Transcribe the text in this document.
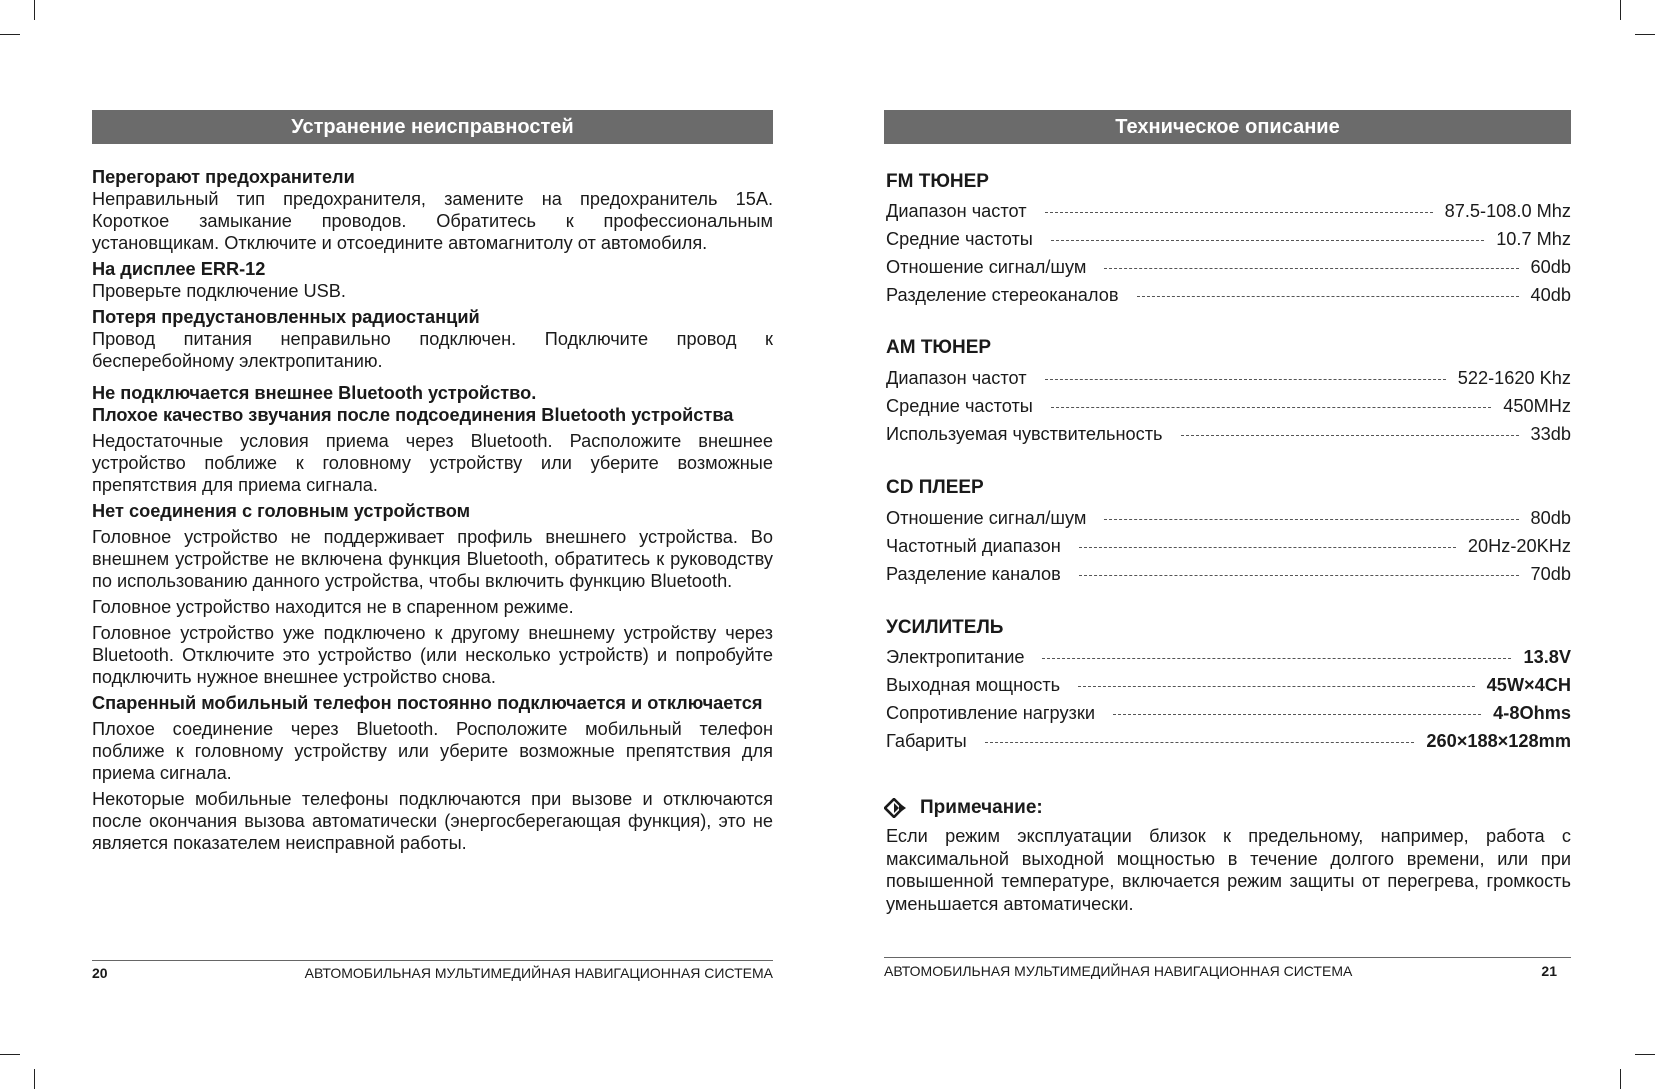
Устранение неисправностей
Перегорают предохранители

Неправильный тип предохранителя, замените на предохранитель 15А. Короткое замыкание проводов. Обратитесь к профессиональным установщикам. Отключите и отсоедините автомагнитолу от автомобиля.

На дисплее ERR-12

Проверьте подключение USB.

Потеря предустановленных радиостанций

Провод питания неправильно подключен. Подключите провод к бесперебойному электропитанию.

Не подключается внешнее Bluetooth устройство.

Плохое качество звучания после подсоединения Bluetooth устройства

Недостаточные условия приема через Bluetooth. Расположите внешнее устройство поближе к головному устройству или уберите возможные препятствия для приема сигнала.

Нет соединения с головным устройством

Головное устройство не поддерживает профиль внешнего устройства. Во внешнем устройстве не включена функция Bluetooth, обратитесь к руководству по использованию данного устройства, чтобы включить функцию Bluetooth.

Головное устройство находится не в спаренном режиме.

Головное устройство уже подключено к другому внешнему устройству через Bluetooth. Отключите это устройство (или несколько устройств) и попробуйте подключить нужное внешнее устройство снова.

Спаренный мобильный телефон постоянно подключается и отключается

Плохое соединение через Bluetooth. Росположите мобильный телефон поближе к головному устройству или уберите возможные препятствия для приема сигнала.

Некоторые мобильные телефоны подключаются при вызове и отключаются после окончания вызова автоматически (энергосберегающая функция), это не является показателем неисправной работы.

20	АВТОМОБИЛЬНАЯ МУЛЬТИМЕДИЙНАЯ НАВИГАЦИОННАЯ СИСТЕМА
Техническое описание
FM ТЮНЕР
Диапазон частот	87.5-108.0 Mhz
Средние частоты	10.7 Mhz
Отношение сигнал/шум	60db
Разделение стереоканалов	40db
АМ ТЮНЕР
Диапазон частот	522-1620 Khz
Средние частоты	450MHz
Используемая чувствительность	33db
CD ПЛЕЕР
Отношение сигнал/шум	80db
Частотный диапазон	20Hz-20KHz
Разделение каналов	70db
УСИЛИТЕЛЬ
Электропитание	13.8V
Выходная мощность	45W×4CH
Сопротивление нагрузки	4-8Ohms
Габариты	260×188×128mm
Примечание:
Если режим эксплуатации близок к предельному, например, работа с максимальной выходной мощностью в течение долгого времени, или при повышенной температуре, включается режим защиты от перегрева, громкость уменьшается автоматически.
АВТОМОБИЛЬНАЯ МУЛЬТИМЕДИЙНАЯ НАВИГАЦИОННАЯ СИСТЕМА	21
